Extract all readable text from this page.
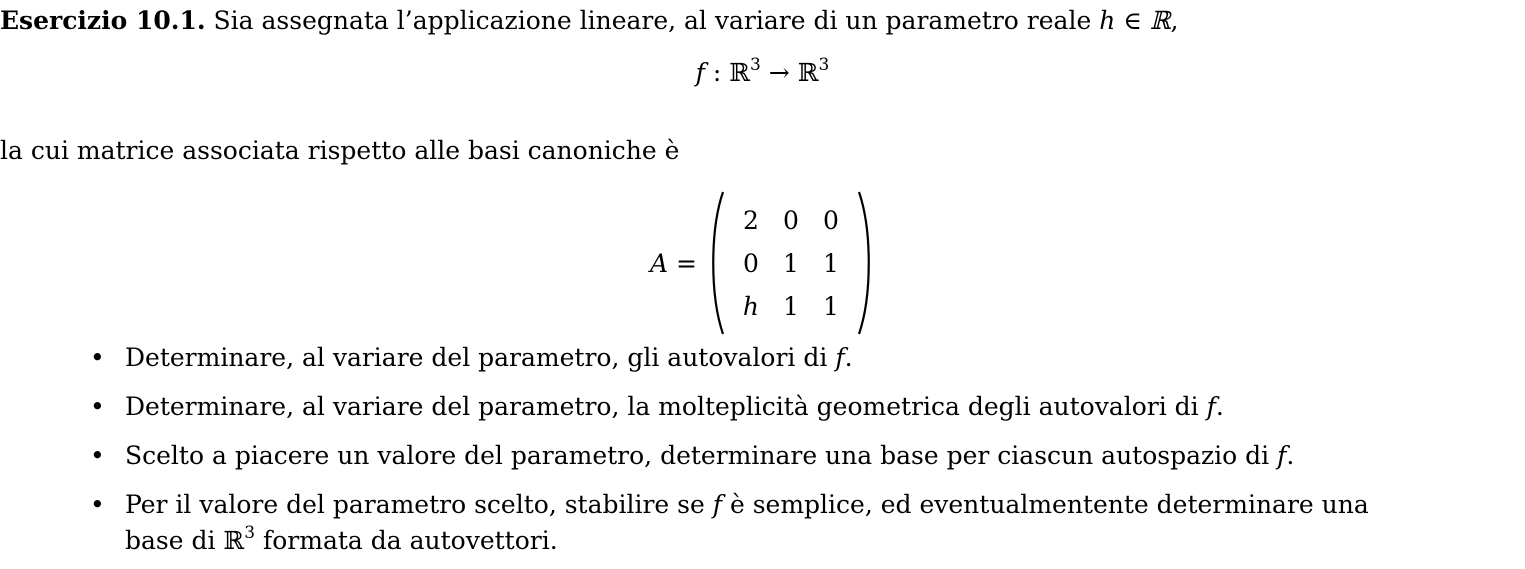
Esercizio 10.1. Sia assegnata l’applicazione lineare, al variare di un parametro reale h ∈ ℝ,
f : ℝ$^3$ → ℝ$^3$
la cui matrice associata rispetto alle basi canoniche è
A =
2 0 0
0 1 1
h 1 1
• Determinare, al variare del parametro, gli autovalori di f.
• Determinare, al variare del parametro, la molteplicità geometrica degli autovalori di f.
• Scelto a piacere un valore del parametro, determinare una base per ciascun autospazio di f.
• Per il valore del parametro scelto, stabilire se f è semplice, ed eventualmentente determinare una
base di ℝ$^3$ formata da autovettori.
